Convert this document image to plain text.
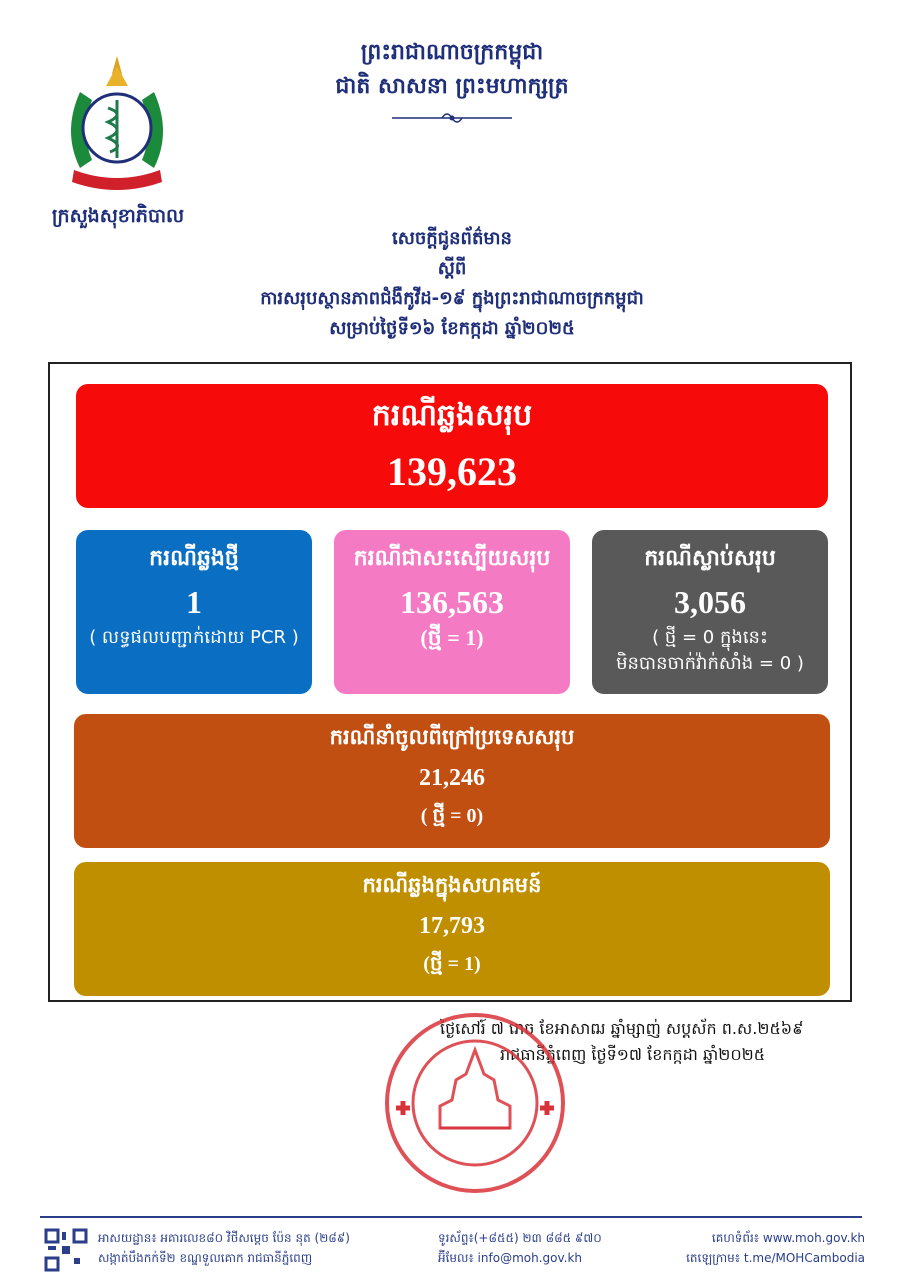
ព្រះរាជាណាចក្រកម្ពុជា
ជាតិ សាសនា ព្រះមហាក្សត្រ
ក្រសួងសុខាភិបាល
សេចក្តីជូនព័ត៌មាន
ស្តីពី
ការសរុបស្ថានភាពជំងឺកូវីដ-១៩ ក្នុងព្រះរាជាណាចក្រកម្ពុជា
សម្រាប់ថ្ងៃទី១៦ ខែកក្កដា ឆ្នាំ២០២៥
ករណីឆ្លងសរុប
139,623
ករណីឆ្លងថ្មី
1
( លទ្ធផលបញ្ជាក់ដោយ PCR )
ករណីជាសះស្បើយសរុប
136,563
(ថ្មី = 1)
ករណីស្លាប់សរុប
3,056
( ថ្មី = 0 ក្នុងនេះ
មិនបានចាក់វ៉ាក់សាំង = 0 )
ករណីនាំចូលពីក្រៅប្រទេសសរុប
21,246
( ថ្មី = 0)
ករណីឆ្លងក្នុងសហគមន៍
17,793
(ថ្មី = 1)
ថ្ងៃសៅរ៍ ៧ រោច ខែអាសាឍ ឆ្នាំម្សាញ់ សប្តស័ក ព.ស.២៥៦៩
រាជធានីភ្នំពេញ ថ្ងៃទី១៧ ខែកក្កដា ឆ្នាំ២០២៥
អាសយដ្ឋាន៖ អគារលេខ៨០ វិថីសម្តេច ប៉ែន នុត (២៨៩)
សង្កាត់បឹងកក់ទី២ ខណ្ឌទួលគោក រាជធានីភ្នំពេញ
ទូរស័ព្ទ៖(+៨៥៥) ២៣ ៨៨៥ ៩៧០
អ៊ីមែល៖ info@moh.gov.kh
គេហទំព័រ៖ www.moh.gov.kh
តេឡេក្រាម៖ t.me/MOHCambodia
